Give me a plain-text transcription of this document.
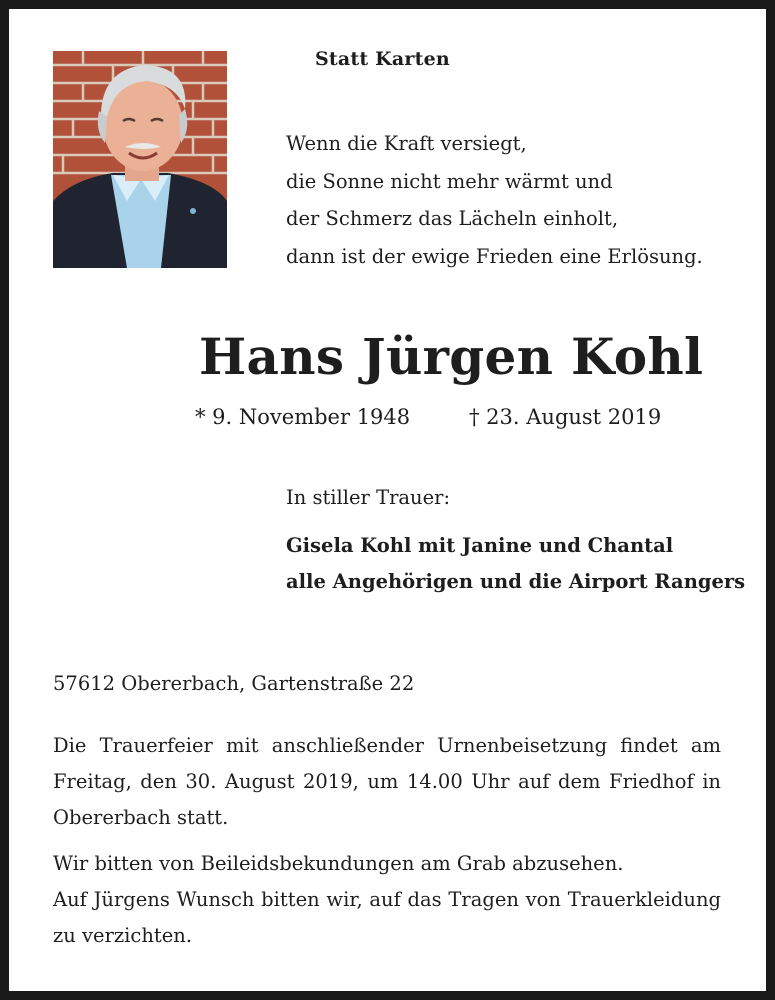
Statt Karten
Wenn die Kraft versiegt,
die Sonne nicht mehr wärmt und
der Schmerz das Lächeln einholt,
dann ist der ewige Frieden eine Erlösung.
Hans Jürgen Kohl
* 9. November 1948	† 23. August 2019
In stiller Trauer:
Gisela Kohl mit Janine und Chantal
alle Angehörigen und die Airport Rangers
57612 Obererbach, Gartenstraße 22
Die Trauerfeier mit anschließender Urnenbeisetzung findet am
Freitag, den 30. August 2019, um 14.00 Uhr auf dem Friedhof in
Obererbach statt.
Wir bitten von Beileidsbekundungen am Grab abzusehen.
Auf Jürgens Wunsch bitten wir, auf das Tragen von Trauerkleidung
zu verzichten.
